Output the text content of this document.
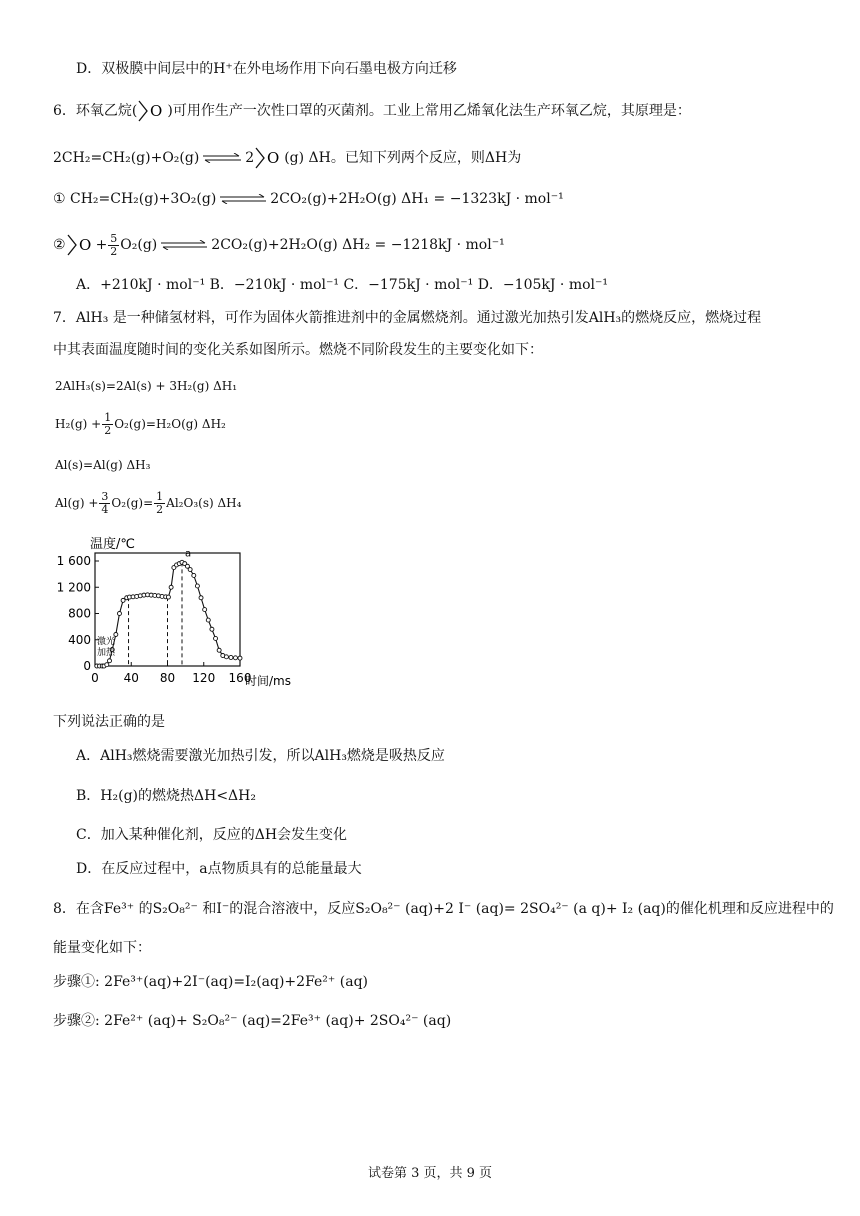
D．双极膜中间层中的H⁺在外电场作用下向石墨电极方向迁移
6．环氧乙烷( O )可用作生产一次性口罩的灭菌剂。工业上常用乙烯氧化法生产环氧乙烷，其原理是：
2CH₂=CH₂(g)+O₂(g) ⇌ 2 O (g) ΔH。已知下列两个反应，则ΔH为
① CH₂=CH₂(g)+3O₂(g) ⇌ 2CO₂(g)+2H₂O(g) ΔH₁ = −1323kJ · mol⁻¹
② $O + \frac{5}{2} O_2(g)$ ⇌ 2CO₂(g)+2H₂O(g) ΔH₂ = −1218kJ · mol⁻¹
A．+210kJ · mol⁻¹ B．−210kJ · mol⁻¹ C．−175kJ · mol⁻¹ D．−105kJ · mol⁻¹
7．AlH₃ 是一种储氢材料，可作为固体火箭推进剂中的金属燃烧剂。通过激光加热引发AlH₃的燃烧反应，燃烧过程
中其表面温度随时间的变化关系如图所示。燃烧不同阶段发生的主要变化如下：
2AlH₃(s)=2Al(s) + 3H₂(g) ΔH₁
$H_2(g) + \frac{1}{2} O_2(g)=H_2O(g)$ ΔH₂
Al(s)=Al(g) ΔH₃
$Al(g) + \frac{3}{4} O_2(g)= \frac{1}{2} Al_2O_3(s)$ ΔH₄
温度/℃
时间/ms
0
400
800
1 200
1 600
0 40 80 120 160
a
激光
加热
下列说法正确的是
A．AlH₃燃烧需要激光加热引发，所以AlH₃燃烧是吸热反应
B．H₂(g)的燃烧热ΔH<ΔH₂
C．加入某种催化剂，反应的ΔH会发生变化
D．在反应过程中，a点物质具有的总能量最大
8．在含Fe³⁺ 的S₂O₈²⁻ 和I⁻的混合溶液中，反应S₂O₈²⁻ (aq)+2 I⁻ (aq)= 2SO₄²⁻ (a q)+ I₂ (aq)的催化机理和反应进程中的
能量变化如下：
步骤①: 2Fe³⁺(aq)+2I⁻(aq)=I₂(aq)+2Fe²⁺ (aq)
步骤②: 2Fe²⁺ (aq)+ S₂O₈²⁻ (aq)=2Fe³⁺ (aq)+ 2SO₄²⁻ (aq)
试卷第 3 页，共 9 页
